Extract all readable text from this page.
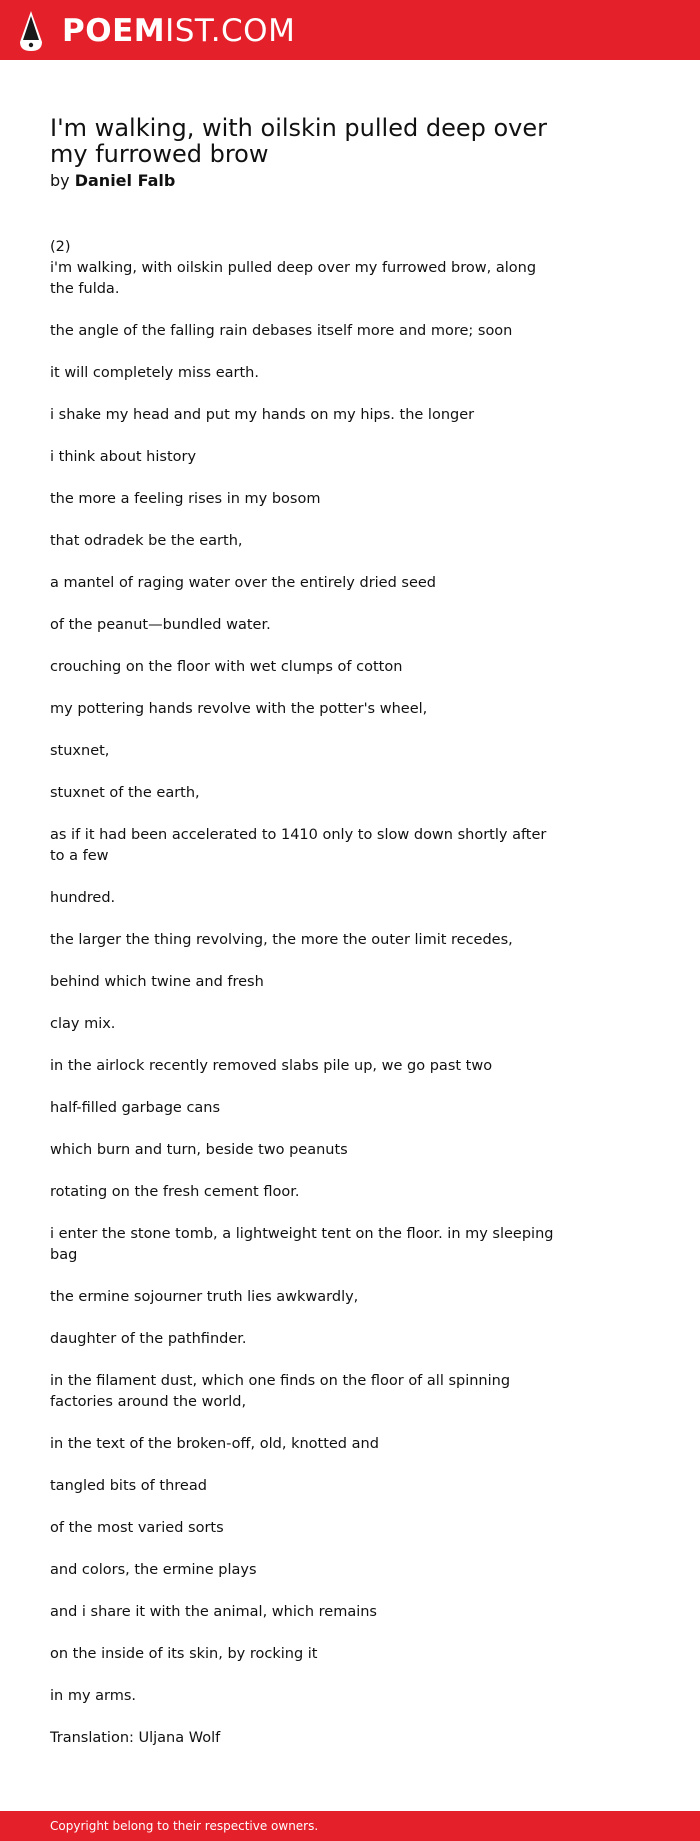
POEMIST.COM
I'm walking, with oilskin pulled deep over my furrowed brow
by Daniel Falb

(2)

i'm walking, with oilskin pulled deep over my furrowed brow, along the fulda.

the angle of the falling rain debases itself more and more; soon

it will completely miss earth.

i shake my head and put my hands on my hips. the longer

i think about history

the more a feeling rises in my bosom

that odradek be the earth,

a mantel of raging water over the entirely dried seed

of the peanut—bundled water.

crouching on the floor with wet clumps of cotton

my pottering hands revolve with the potter's wheel,

stuxnet,

stuxnet of the earth,

as if it had been accelerated to 1410 only to slow down shortly after to a few

hundred.

the larger the thing revolving, the more the outer limit recedes,

behind which twine and fresh

clay mix.

in the airlock recently removed slabs pile up, we go past two

half-filled garbage cans

which burn and turn, beside two peanuts

rotating on the fresh cement floor.

i enter the stone tomb, a lightweight tent on the floor. in my sleeping bag

the ermine sojourner truth lies awkwardly,

daughter of the pathfinder.

in the filament dust, which one finds on the floor of all spinning factories around the world,

in the text of the broken-off, old, knotted and

tangled bits of thread

of the most varied sorts

and colors, the ermine plays

and i share it with the animal, which remains

on the inside of its skin, by rocking it

in my arms.

Translation: Uljana Wolf

Copyright belong to their respective owners.
